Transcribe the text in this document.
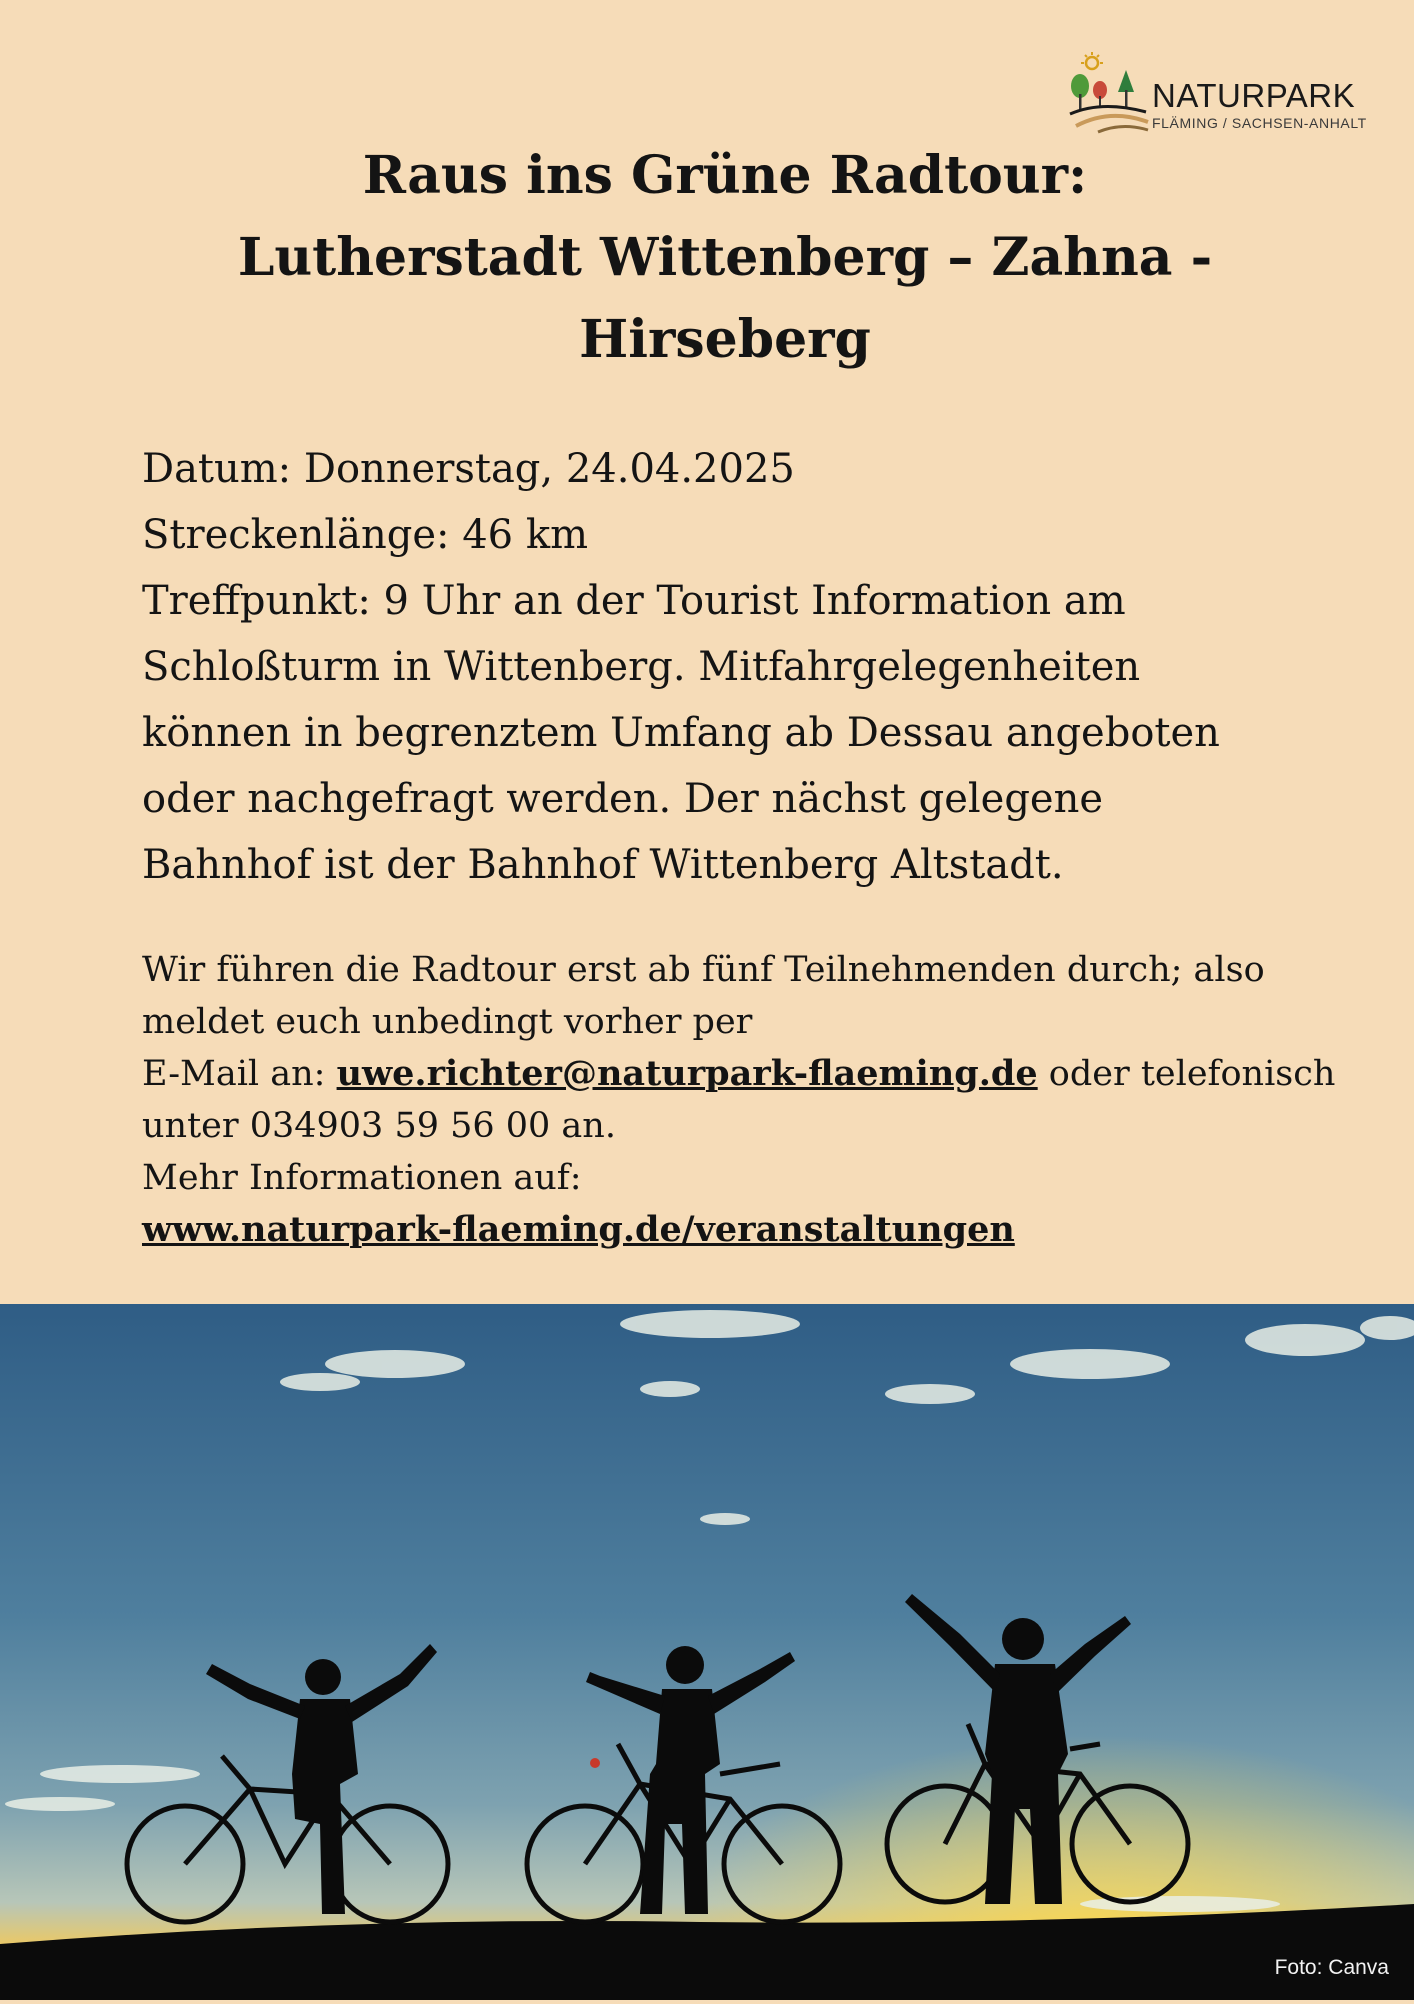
NATURPARK
FLÄMING / SACHSEN-ANHALT
Raus ins Grüne Radtour:
Lutherstadt Wittenberg – Zahna -
Hirseberg

Datum: Donnerstag, 24.04.2025

Streckenlänge: 46 km

Treffpunkt: 9 Uhr an der Tourist Information am

Schloßturm in Wittenberg. Mitfahrgelegenheiten

können in begrenztem Umfang ab Dessau angeboten

oder nachgefragt werden. Der nächst gelegene

Bahnhof ist der Bahnhof Wittenberg Altstadt.

Wir führen die Radtour erst ab fünf Teilnehmenden durch; also

meldet euch unbedingt vorher per

E-Mail an: uwe.richter@naturpark-flaeming.de oder telefonisch

unter 034903 59 56 00 an.

Mehr Informationen auf:

www.naturpark-flaeming.de/veranstaltungen

Foto: Canva
